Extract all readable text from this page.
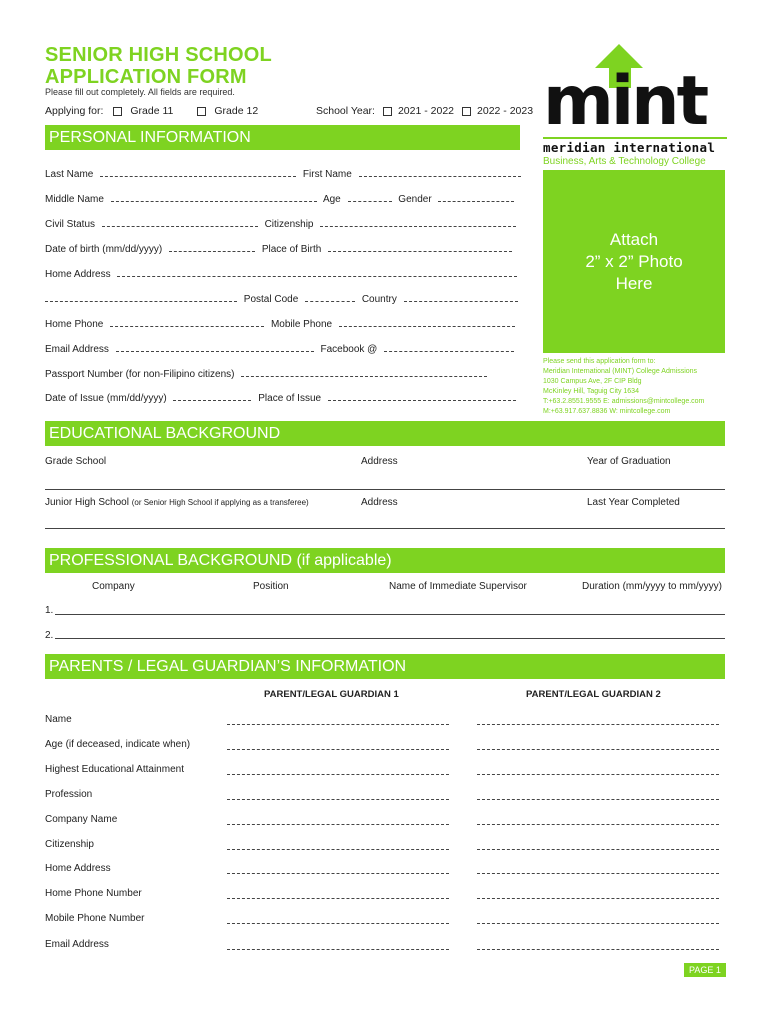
SENIOR HIGH SCHOOL
APPLICATION FORM
Please fill out completely. All fields are required.
Applying for:	Grade 11	Grade 12	School Year: 2021 - 2022 2022 - 2023 mint
meridian international
Business, Arts & Technology College
Attach
2” x 2” Photo
Here
Please send this application form to:
Meridian International (MINT) College Admissions
1030 Campus Ave, 2F CIP Bldg
McKinley Hill, Taguig City 1634
T:+63.2.8551.9555 E: admissions@mintcollege.com
M:+63.917.637.8836 W: mintcollege.com
PERSONAL INFORMATION
Last Name	First Name
Middle Name	Age	Gender
Civil Status	Citizenship
Date of birth (mm/dd/yyyy)	Place of Birth
Home Address
Postal Code	Country
Home Phone	Mobile Phone
Email Address	Facebook @
Passport Number (for non-Filipino citizens)
Date of Issue (mm/dd/yyyy)	Place of Issue
EDUCATIONAL BACKGROUND
Grade School	Address	Year of Graduation
Junior High School (or Senior High School if applying as a transferee)	Address	Last Year Completed
PROFESSIONAL BACKGROUND (if applicable)
Company	Position	Name of Immediate Supervisor	Duration (mm/yyyy to mm/yyyy)
1.
2.
PARENTS / LEGAL GUARDIAN’S INFORMATION
PARENT/LEGAL GUARDIAN 1	PARENT/LEGAL GUARDIAN 2
Name
Age (if deceased, indicate when)
Highest Educational Attainment
Profession
Company Name
Citizenship
Home Address
Home Phone Number
Mobile Phone Number
Email Address
PAGE 1
